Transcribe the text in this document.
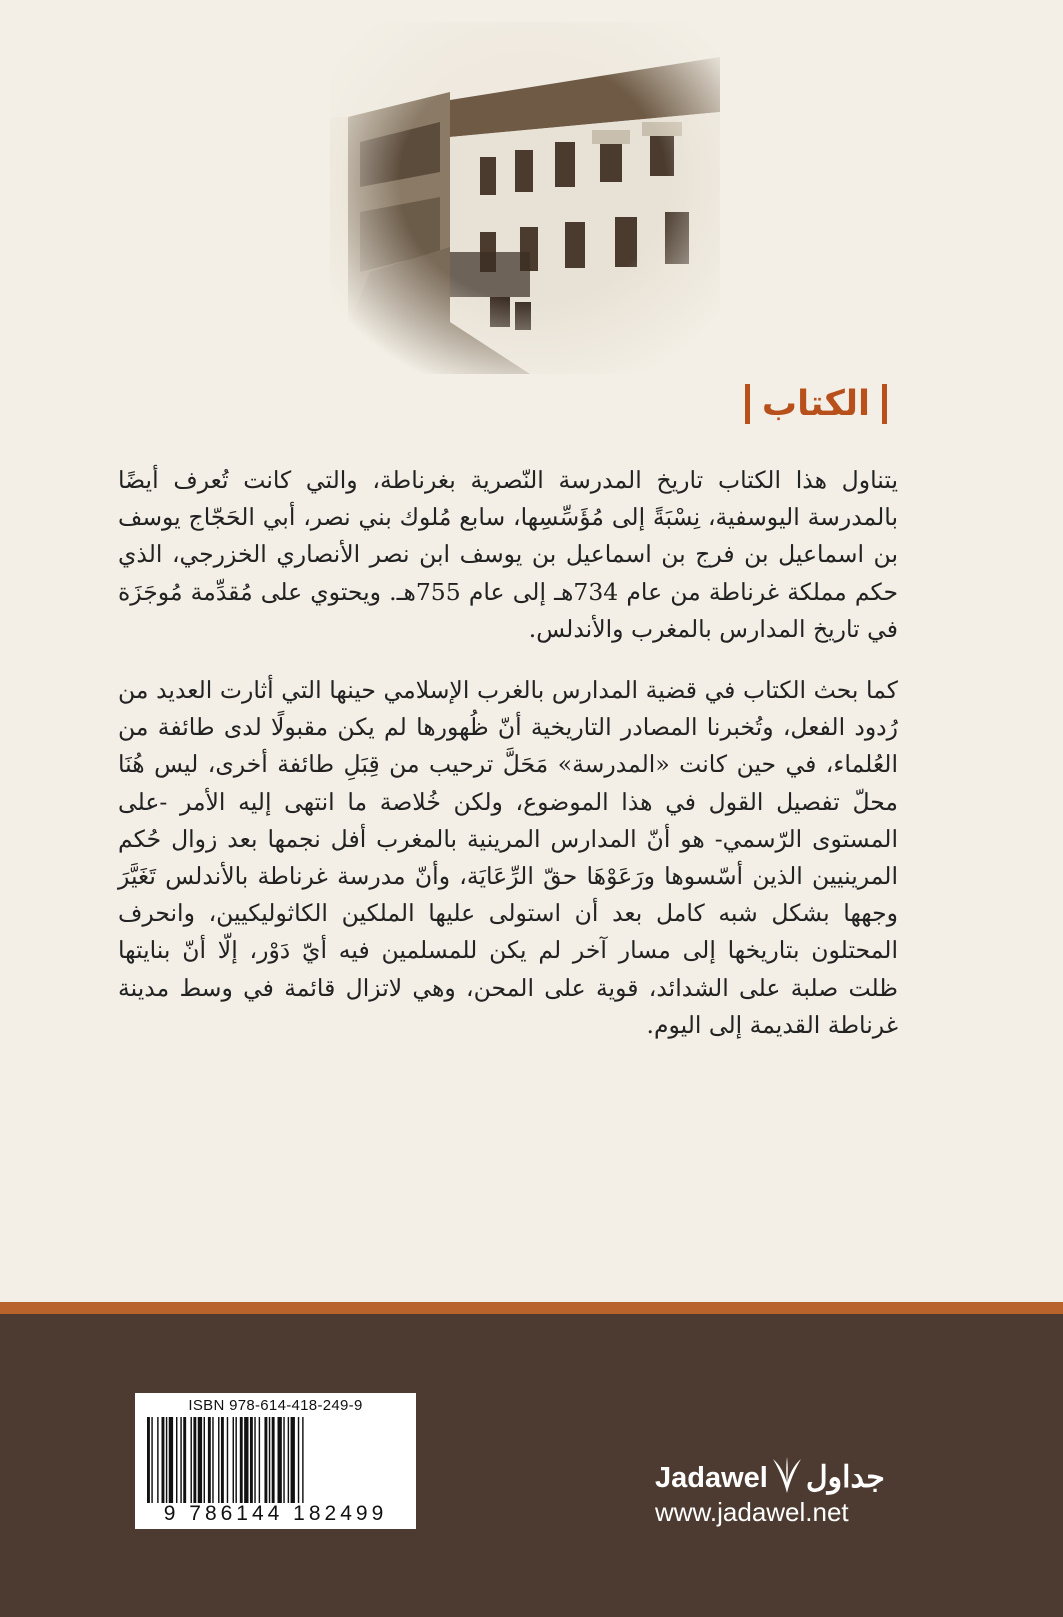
الكتاب

يتناول هذا الكتاب تاريخ المدرسة النّصرية بغرناطة، والتي كانت تُعرف أيضًا بالمدرسة اليوسفية، نِسْبَةً إلى مُؤَسِّسِها، سابع مُلوك بني نصر، أبي الحَجّاج يوسف بن اسماعيل بن فرج بن اسماعيل بن يوسف ابن نصر الأنصاري الخزرجي، الذي حكم مملكة غرناطة من عام 734هـ إلى عام 755هـ. ويحتوي على مُقدِّمة مُوجَزَة في تاريخ المدارس بالمغرب والأندلس.

كما بحث الكتاب في قضية المدارس بالغرب الإسلامي حينها التي أثارت العديد من رُدود الفعل، وتُخبرنا المصادر التاريخية أنّ ظُهورها لم يكن مقبولًا لدى طائفة من العُلماء، في حين كانت «المدرسة» مَحَلَّ ترحيب من قِبَلِ طائفة أخرى، ليس هُنَا محلّ تفصيل القول في هذا الموضوع، ولكن خُلاصة ما انتهى إليه الأمر -على المستوى الرّسمي- هو أنّ المدارس المرينية بالمغرب أفل نجمها بعد زوال حُكم المرينيين الذين أسّسوها ورَعَوْهَا حقّ الرِّعَايَة، وأنّ مدرسة غرناطة بالأندلس تَغَيَّرَ وجهها بشكل شبه كامل بعد أن استولى عليها الملكين الكاثوليكيين، وانحرف المحتلون بتاريخها إلى مسار آخر لم يكن للمسلمين فيه أيّ دَوْر، إلّا أنّ بنايتها ظلت صلبة على الشدائد، قوية على المحن، وهي لاتزال قائمة في وسط مدينة غرناطة القديمة إلى اليوم.

ISBN 978-614-418-249-9
9 786144 182499
Jadawel جداول
www.jadawel.net
